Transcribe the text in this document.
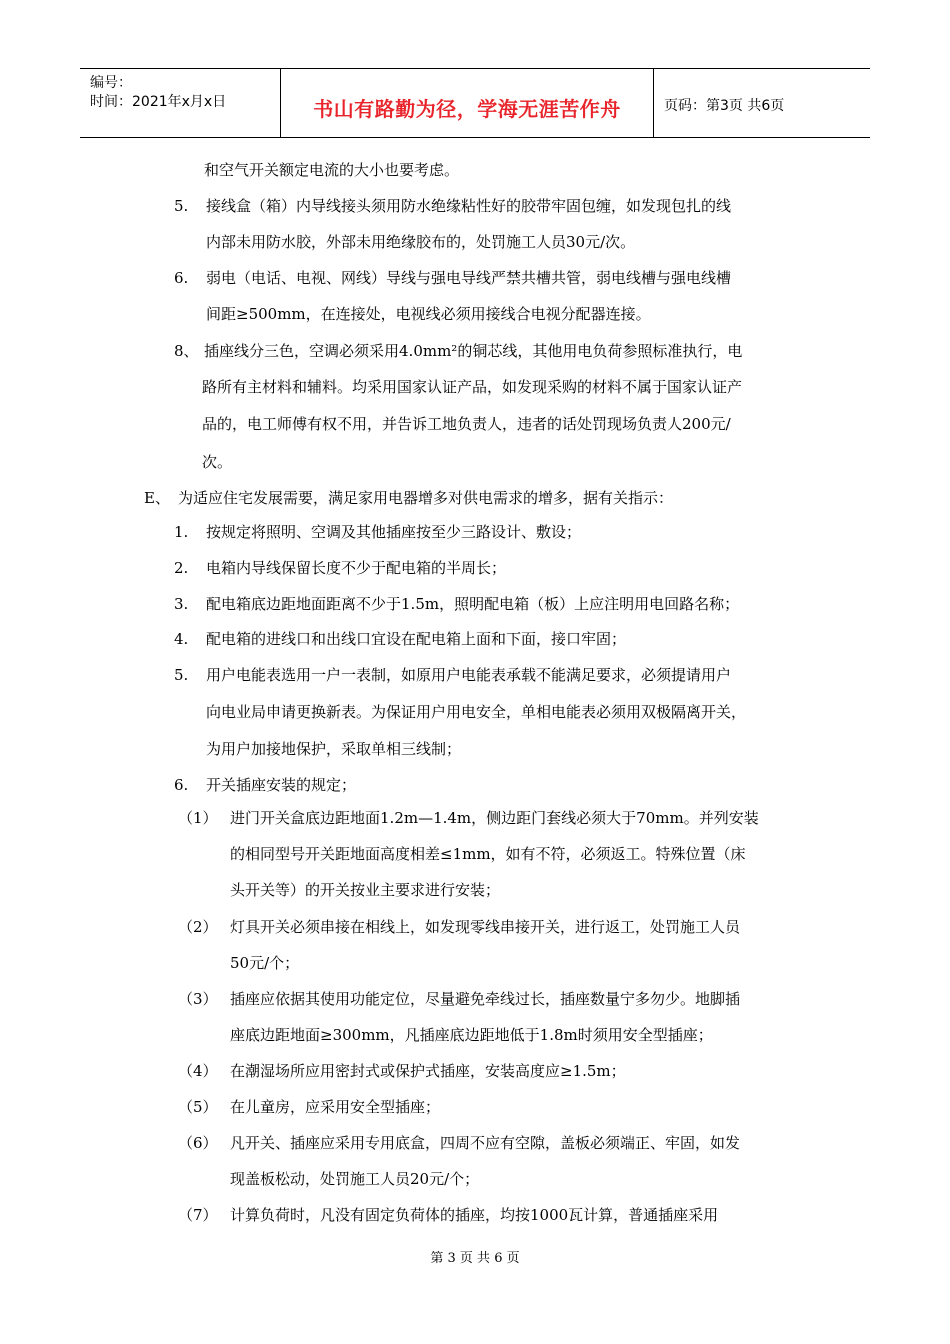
编号：
时间：2021年x月x日	书山有路勤为径，学海无涯苦作舟	页码：第3页 共6页
和空气开关额定电流的大小也要考虑。
5. 接线盒（箱）内导线接头须用防水绝缘粘性好的胶带牢固包缠，如发现包扎的线
内部未用防水胶，外部未用绝缘胶布的，处罚施工人员30元/次。
6. 弱电（电话、电视、网线）导线与强电导线严禁共槽共管，弱电线槽与强电线槽
间距≥500mm，在连接处，电视线必须用接线合电视分配器连接。
8、 插座线分三色，空调必须采用4.0mm²的铜芯线，其他用电负荷参照标准执行，电
路所有主材料和辅料。均采用国家认证产品，如发现采购的材料不属于国家认证产
品的，电工师傅有权不用，并告诉工地负责人，违者的话处罚现场负责人200元/
次。
E、 为适应住宅发展需要，满足家用电器增多对供电需求的增多，据有关指示：
1. 按规定将照明、空调及其他插座按至少三路设计、敷设；
2. 电箱内导线保留长度不少于配电箱的半周长；
3. 配电箱底边距地面距离不少于1.5m，照明配电箱（板）上应注明用电回路名称；
4. 配电箱的进线口和出线口宜设在配电箱上面和下面，接口牢固；
5. 用户电能表选用一户一表制，如原用户电能表承载不能满足要求，必须提请用户
向电业局申请更换新表。为保证用户用电安全，单相电能表必须用双极隔离开关，
为用户加接地保护，采取单相三线制；
6. 开关插座安装的规定；
（1） 进门开关盒底边距地面1.2m—1.4m，侧边距门套线必须大于70mm。并列安装
的相同型号开关距地面高度相差≤1mm，如有不符，必须返工。特殊位置（床
头开关等）的开关按业主要求进行安装；
（2） 灯具开关必须串接在相线上，如发现零线串接开关，进行返工，处罚施工人员
50元/个；
（3） 插座应依据其使用功能定位，尽量避免牵线过长，插座数量宁多勿少。地脚插
座底边距地面≥300mm，凡插座底边距地低于1.8m时须用安全型插座；
（4） 在潮湿场所应用密封式或保护式插座，安装高度应≥1.5m；
（5） 在儿童房，应采用安全型插座；
（6） 凡开关、插座应采用专用底盒，四周不应有空隙，盖板必须端正、牢固，如发
现盖板松动，处罚施工人员20元/个；
（7） 计算负荷时，凡没有固定负荷体的插座，均按1000瓦计算，普通插座采用
第 3 页 共 6 页
